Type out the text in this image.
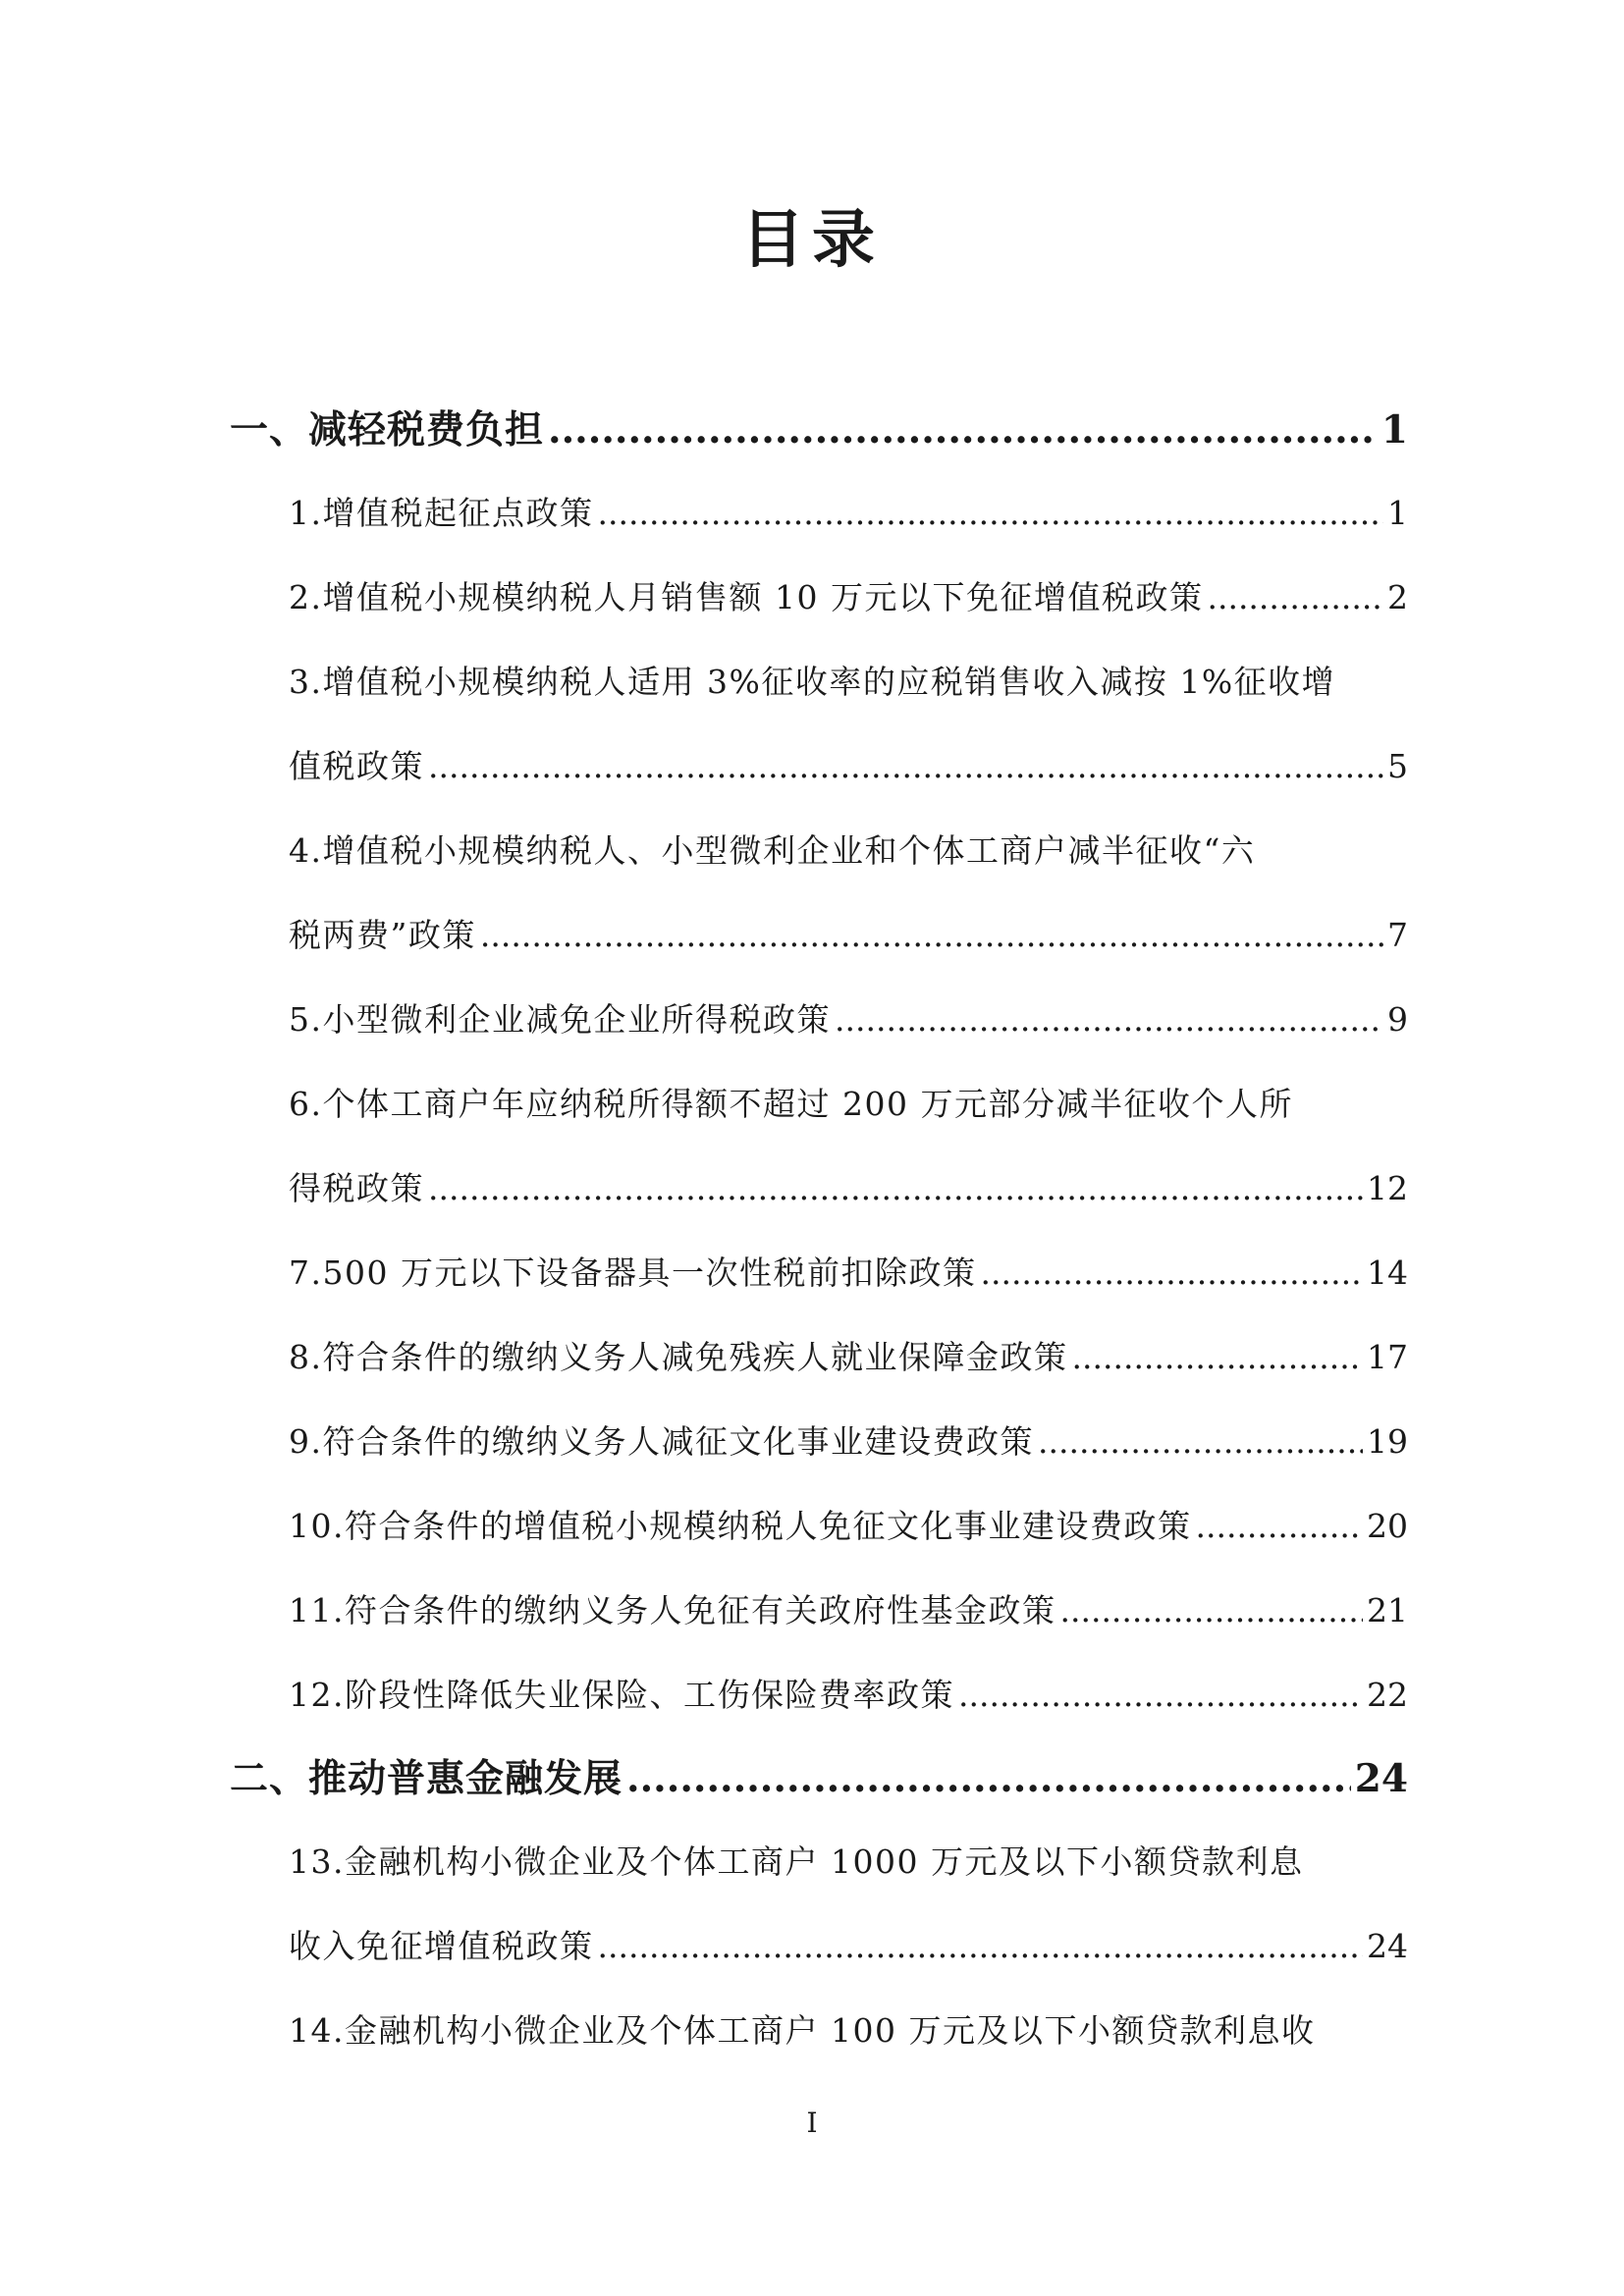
目录
一、减轻税费负担 .....	1
1.增值税起征点政策 .....	1
2.增值税小规模纳税人月销售额 10 万元以下免征增值税政策 .....	2
3.增值税小规模纳税人适用 3%征收率的应税销售收入减按 1%征收增
值税政策 .....	5
4.增值税小规模纳税人、小型微利企业和个体工商户减半征收“六
税两费”政策 .....	7
5.小型微利企业减免企业所得税政策 .....	9
6.个体工商户年应纳税所得额不超过 200 万元部分减半征收个人所
得税政策 .....	12
7.500 万元以下设备器具一次性税前扣除政策 .....	14
8.符合条件的缴纳义务人减免残疾人就业保障金政策 .....	17
9.符合条件的缴纳义务人减征文化事业建设费政策 .....	19
10.符合条件的增值税小规模纳税人免征文化事业建设费政策 .....	20
11.符合条件的缴纳义务人免征有关政府性基金政策 .....	21
12.阶段性降低失业保险、工伤保险费率政策 .....	22
二、推动普惠金融发展 .....	24
13.金融机构小微企业及个体工商户 1000 万元及以下小额贷款利息
收入免征增值税政策 .....	24
14.金融机构小微企业及个体工商户 100 万元及以下小额贷款利息收
I
